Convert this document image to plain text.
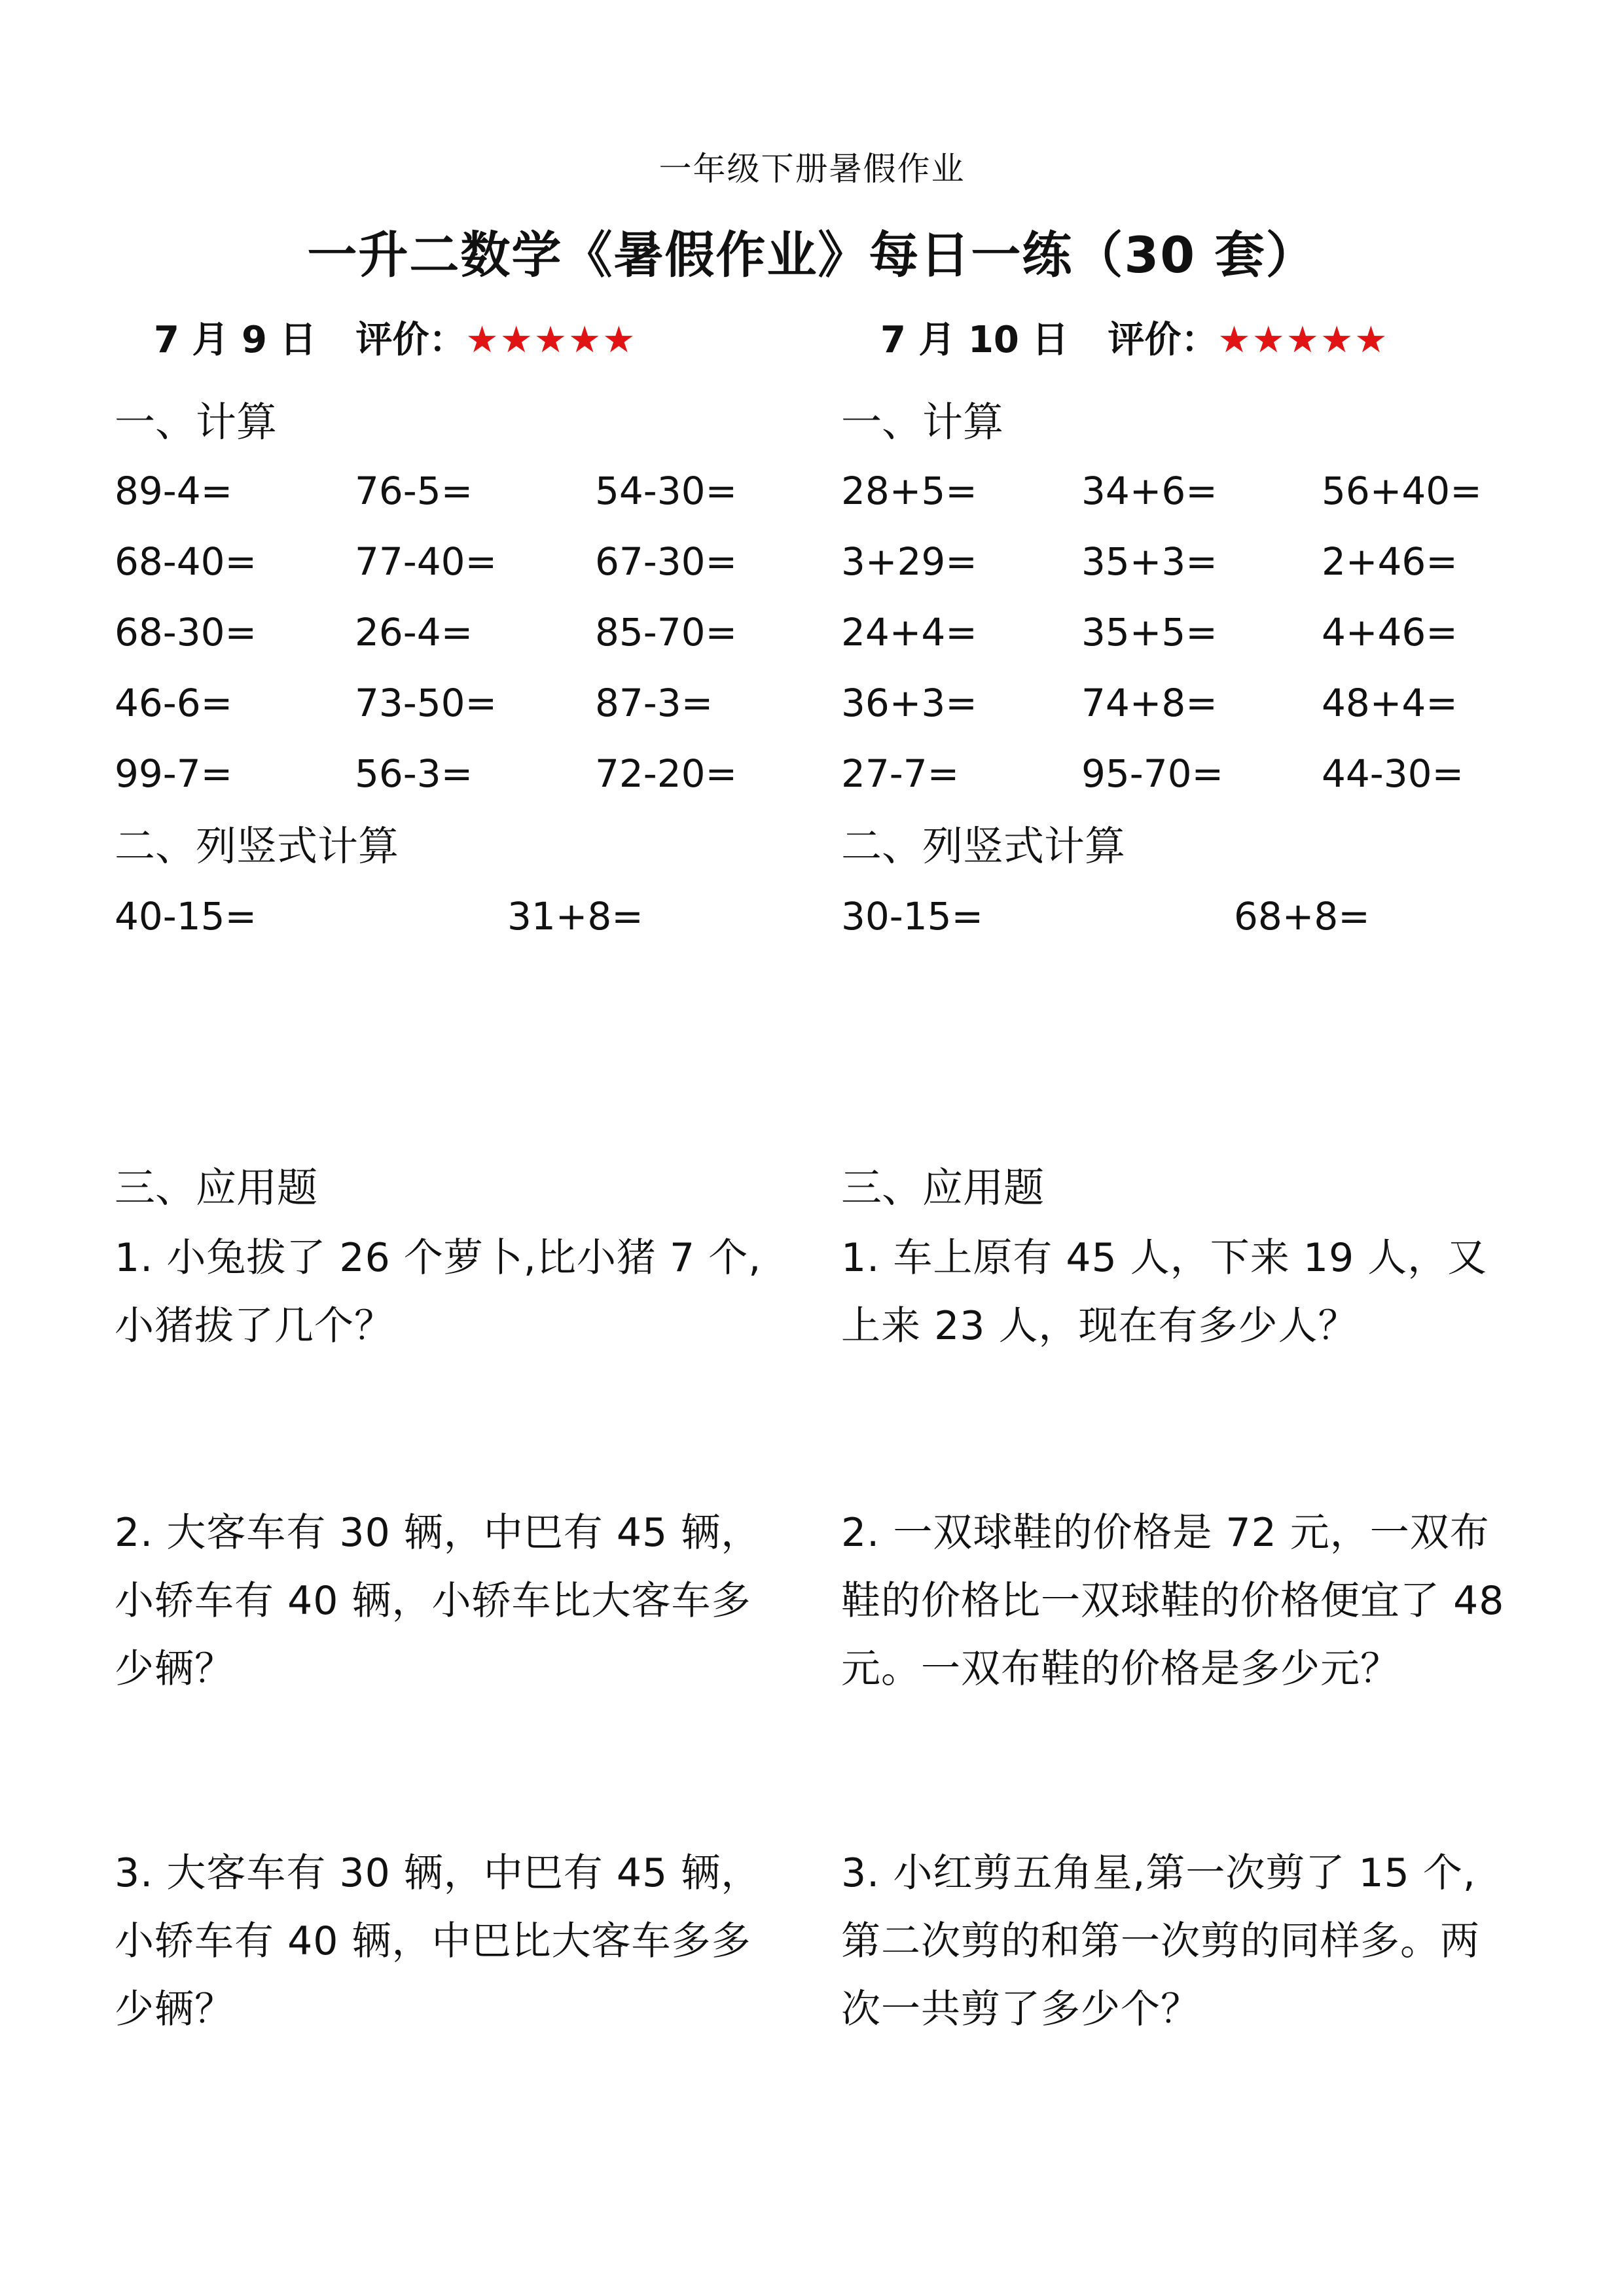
一年级下册暑假作业
一升二数学《暑假作业》每日一练（30 套）
7 月 9 日 评价：★★★★★
一、计算
89-4=	76-5=	54-30=
68-40=	77-40=	67-30=
68-30=	26-4=	85-70=
46-6=	73-50=	87-3=
99-7=	56-3=	72-20=
二、列竖式计算
40-15=	31+8=
三、应用题
1. 小兔拔了 26 个萝卜,比小猪 7 个,小猪拔了几个？
2. 大客车有 30 辆，中巴有 45 辆，小轿车有 40 辆，小轿车比大客车多少辆？
3. 大客车有 30 辆，中巴有 45 辆，小轿车有 40 辆，中巴比大客车多多少辆？
7 月 10 日 评价：★★★★★
一、计算
28+5=	34+6=	56+40=
3+29=	35+3=	2+46=
24+4=	35+5=	4+46=
36+3=	74+8=	48+4=
27-7=	95-70=	44-30=
二、列竖式计算
30-15=	68+8=
三、应用题
1. 车上原有 45 人，下来 19 人，又上来 23 人，现在有多少人？
2. 一双球鞋的价格是 72 元，一双布鞋的价格比一双球鞋的价格便宜了 48 元。一双布鞋的价格是多少元？
3. 小红剪五角星,第一次剪了 15 个,第二次剪的和第一次剪的同样多。两次一共剪了多少个？
